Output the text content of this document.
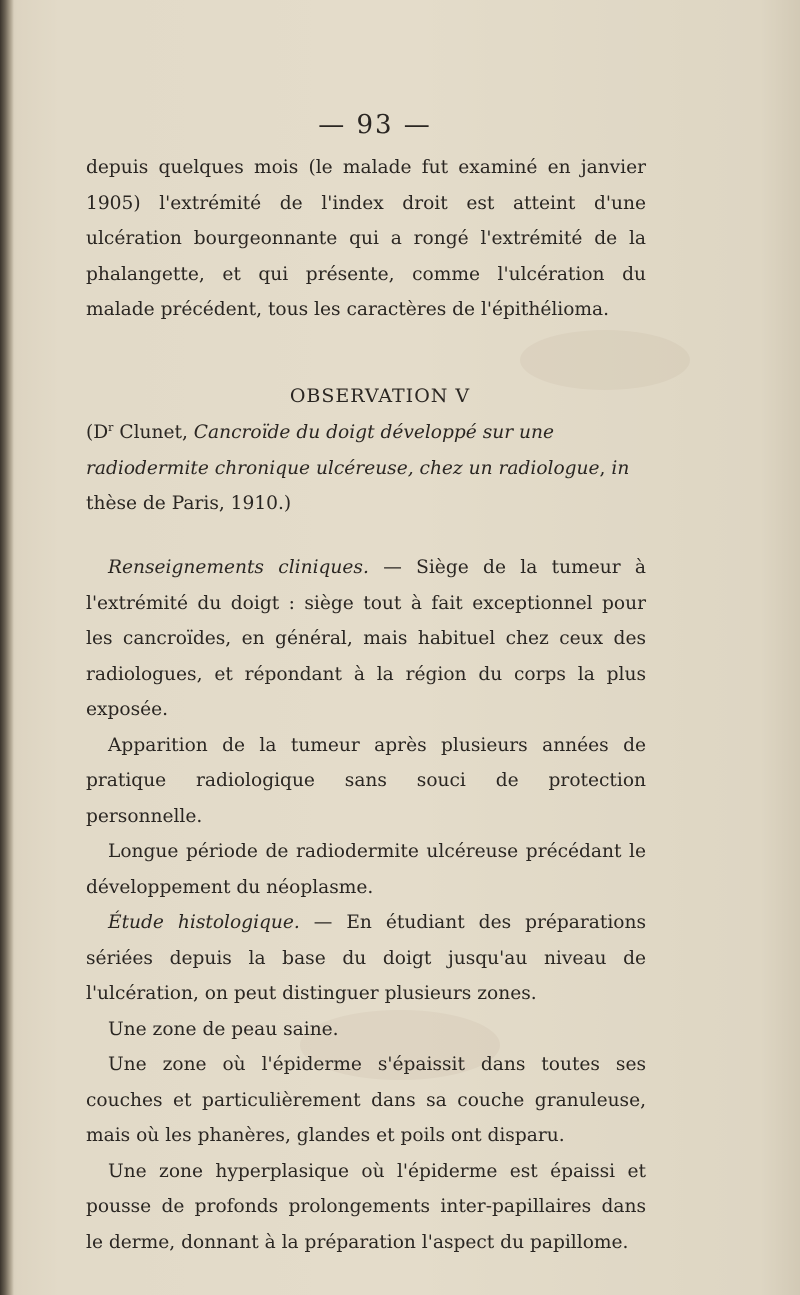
— 93 —

depuis quelques mois (le malade fut examiné en janvier 1905) l'extrémité de l'index droit est atteint d'une ulcération bourgeonnante qui a rongé l'extrémité de la phalangette, et qui présente, comme l'ulcération du malade précédent, tous les caractères de l'épithélioma.

OBSERVATION V

($D^r$ Clunet, Cancroïde du doigt développé sur une radiodermite chronique ulcéreuse, chez un radiologue, in thèse de Paris, 1910.)

Renseignements cliniques. — Siège de la tumeur à l'extrémité du doigt : siège tout à fait exceptionnel pour les cancroïdes, en général, mais habituel chez ceux des radiologues, et répondant à la région du corps la plus exposée.

Apparition de la tumeur après plusieurs années de pratique radiologique sans souci de protection personnelle.

Longue période de radiodermite ulcéreuse précédant le développement du néoplasme.

Étude histologique. — En étudiant des préparations sériées depuis la base du doigt jusqu'au niveau de l'ulcération, on peut distinguer plusieurs zones.

Une zone de peau saine.

Une zone où l'épiderme s'épaissit dans toutes ses couches et particulièrement dans sa couche granuleuse, mais où les phanères, glandes et poils ont disparu.

Une zone hyperplasique où l'épiderme est épaissi et pousse de profonds prolongements inter-papillaires dans le derme, donnant à la préparation l'aspect du papillome.
